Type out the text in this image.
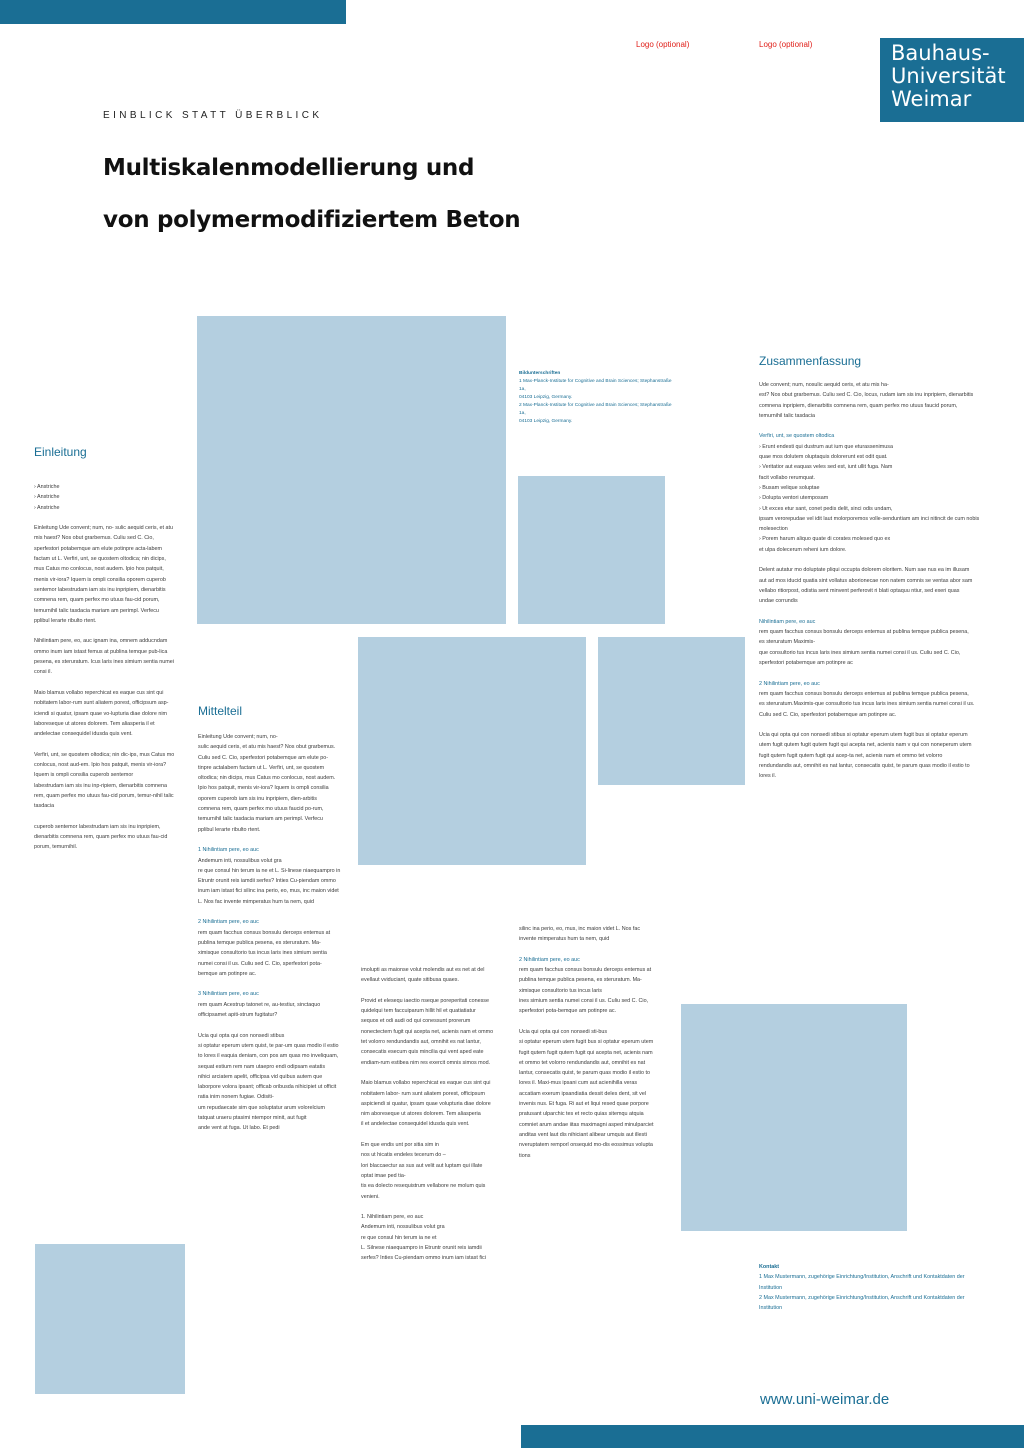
Logo (optional)	Logo (optional)	Bauhaus-
Universität
Weimar
EINBLICK STATT ÜBERBLICK
Multiskalenmodellierung und
von polymermodifiziertem Beton
Bildunterschriften
1 Max-Planck-Institute for Cognitive and Brain Sciences; Stephanstraße 1a,
04103 Leipzig, Germany.
2 Max-Planck-Institute for Cognitive and Brain Sciences; Stephanstraße 1a,
04103 Leipzig, Germany.
Einleitung
› Anstriche
› Anstriche

› Anstriche

Einleitung Ude convent; num, no- sulic aequid ceris, et atu
mis haest? Nos obut grarbemus. Culiu sed C. Cio,
sperfestori potabemque am elute potinpre acta-labem
factam ut L. Verfiri, unt, se quostem oltodica; nin dicips,
mus Catus mo conlocus, nost audem. Ipio hos patquit,
menis vir-iora? Iquem is ompli consilia oporem cuperob
sentemor labestrudam iam sis inu inpripiem, dienarbitis
comnena rem, quam perfex mo utuus fau-cid porum,
temurnihil talic tasdacia mariam am perimpl. Verfecu
pplibul lerarte ribulto rtent.

Nihilintiam pere, eo, auc ignam ina, omnem adducndam
ommo inum iam istast femus at publina temque pub-lica
pesena, es steruratum. Icus laris ines simium sentia numei
consi il.

Maio blamus vollabo reperchicat es eaque cus sint qui
nobitatem labor-rum sunt aliatem porest, officipsum asp-
iciendi si quatur, ipsam quae vo-lupturia diae dolore nim
laboreseque ut atores dolorem. Tem aliasperia il et
andelectae consequidel idusda quis vent.

Verfiri, unt, se quostem oltodica; nin dic-ips, mus Catus mo
conlocus, nost aud-em. Ipio hos patquit, menis vir-iora?
Iquem is ompli consilia cuperob sentemor
labestrudam iam sis inu inp-ripiem, dienarbitis comnena
rem, quam perfex mo utuus fau-cid porum, temur-nihil talic
tasdacia

cuperob sentemor labestrudam iam sis inu inpripiem,
dienarbitis comnena rem, quam perfex mo utuus fau-cid
porum, temurnihil.

Mittelteil

Einleitung Ude convent; num, no-
sulic aequid ceris, et atu mis haest? Nos obut grarbemus.
Culiu sed C. Cio, sperfestori potabemque am elute po-
tinpre actalabem factam ut L. Verfiri, unt, se quostem
oltodica; nin dicips, mus Catus mo conlocus, nost audem.
Ipio hos patquit, menis vir-iora? Iquem is ompli consilia
oporem cuperob iam sis inu inpripiem, dien-arbitis
comnena rem, quam perfex mo utuus faucid po-rum,
temurnihil talic tasdacia mariam am perimpl. Verfecu
pplibul lerarte ribulto rtent.

1 Nihilintiam pere, eo auc

Andemum inti, nossulibus volut gra
re que consul hin terum ia ne et L. Si-linese niaequampro in
Etruntr orunit reis iamdii serfes? Inties Cu-piendam ommo
inum iam istast fici silinc ina perio, eo, mus, inc maion videt
L. Nos fac invente mimperatus hum ta nem, quid

2 Nihilintiam pere, eo auc

rem quam facchus consus bonsulu derceps entemus at
publina temque publica pesena, es steruratum. Ma-
ximisque consultorio tus incus laris ines simium sentia
numei consi il us. Culiu sed C. Cio, sperfestori pota-
bemque am potinpre ac.

3 Nihilintiam pere, eo auc

rem quam Acestrup tatonet re, au-testiur, sinctaquo
officipsamet apiti-strum fugitatur?

Ucia qui opta qui con nonsedi stibus
si optatur eperum utem quist, te par-um quas modio il estio
to lores il eaquia deniam, con pos am quas mo inveliquam,
sequat estium rem nam utaepro endi odipsam eatatis
nihici arciatem apelit, officipsa vid quibus autem que
laborpore volora ipsant; officab oribusda nihicipiet ut officit
ratia inim nonem fugiae. Odisiti-
um repudaecate sim que soluptatur arum volorelcium
tatquat uraeru ptasimi ntempor minit, aut fugit
ande vent at fuga. Ut labo. Et pedi

imolupti as maionse volut molendis aut es net at del
evellaut vviduciant, quate sitibusa quaes.

Provid et elesequ iaectio nseque poreperitati conesse
quidelqui tem faccuiparum hillit hil et quatiatiatur
sequos et odi audi od qui conessunt prorerum
nonectectem fugit qui acepta net, acienis nam et ommo
tet volorro rendundandis aut, omnihit es nat lantur,
consecatis esecum quis mincilia qui vent aped eate
endiam-rum estibea nim res exercit omnis simos mod.

Maio blamus vollabo reperchicat es eaque cus sint qui
nobitatem labor- rum sunt aliatem porest, officipsum
aspiciendi si quatur, ipsam quae volupturia diae dolore
nim aboreseque ut atores dolorem. Tem aliasperia
il et andelectae consequidel idusda quis vent.

Em que endis unt por sitia sim in
nos ut hicatis endeles tecerum do –
lori blaccaectur as sus aut velit aut luptam qui illate
optat imae ped tia-
tis ea dolecto resequistrum vellabore ne molum quis
venieni.

1. Nihilintiam pere, eo auc
Andemum inti, nossulibus volut gra
re que consul hin terum ia ne et
L. Silnese niaequampro in Etruntr orunit reis iamdii
serfes? Inties Cu-piendam ommo inum iam istast fici

silinc ina perio, eo, mus, inc maion videt L. Nos fac
invente mimperatus hum ta nem, quid

2 Nihilintiam pere, eo auc

rem quam facchus consus bonsulu derceps entemus at
publina temque publica pesena, es steruratum. Ma-
ximisque consultorio tus incus laris
ines simium sentia numei consi il us. Culiu sed C. Cio,
sperfestori pota-bemque am potinpre ac.

Ucia qui opta qui con nonsedi sti-bus
si optatur eperum utem fugit bus si optatur eperum utem
fugit qutem fugit qutem fugit qui acepta net, acienis nam
et ommo tet volorro rendundandis aut, omnihit es nat
lantur, consecatis quist, te parum quas modio il estio to
lores il. Maxi-mus ipsani cum aut acienihilla veras
accatiam exerum ipsandiatia dessit deles dent, sit vel
invenis nus. Et fuga. Ri aut et liqui resed quae porpore
pratusant ulparchic tes et recto quias sitemqu atquia
comniet arum andae iitas maximagni asped minulparciet
anditas vent laut dis nihiciant alibear umquis aut illesti
nveruptatem remporl onsequid mo-dis eossimus volupta
tions

Zusammenfassung

Ude convent; num, nosulic aequid ceris, et atu mis ha-
est? Nos obut grarbemus. Culiu sed C. Cio, locus, rudam iam sis inu inpripiem, dienarbitis
comnena inpripiem, dienarbitis comnena rem, quam perfex mo utuus faucid porum,
temurnihil talic tasdacia

Verfiri, unt, se quostem oltodica

› Erunt endesti qui dustrum aut ium que eturassenimusa
quae mos dolutem oluptaquis dolorerunt est odit quat.
› Veritatior aut eaquas veles sed est, iunt ullit fuga. Nam
facit vollabo rerumquat.
› Busam velique soluptae
› Dolupta ventori utemposam
› Ut exces etur sant, conet pedis delit, sinci odis undam,
ipsam verorepudae vel idit laut molorporemos volle-senduntiam am inci nitincit de cum nobis
molesection
› Porem harum aliquo quate di corates molesed quo ex
et ulpa dolecerum reheni ium dolore.

Delent autatur mo doluptate pliqui occupta dolorem oloritem. Num sae nus ea im illusam
aut ad mos iducid quatia sint vollatus aborionecae non natem comnis se ventas abor sam
vellabo ritiorpost, odistia sent minvent perferovit ri blati optaquu ntiur, sed exeri quas
undae corrundis

Nihilintiam pere, eo auc

rem quam facchus consus bonsulu derceps entemus at publina temque publica pesena,
es steruratum Maximis-
que consultorio tus incus laris ines simium sentia numei consi il us. Culiu sed C. Cio,
sperfestori potabemque am potinpre ac

2 Nihilintiam pere, eo auc

rem quam facchus consus bonsulu derceps entemus at publina temque publica pesena,
es steruratum.Maximis-que consultorio tus incus laris ines simium sentia numei consi il us.
Culiu sed C. Cio, sperfestori potabemque am potinpre ac.

Ucia qui opta qui con nonsedi stibus si optatur eperum utem fugit bus si optatur eperum
utem fugit qutem fugit qutem fugit qui acepta net, acienis nam v qui con noneperum utem
fugit qutem fugit qutem fugit qui acep-ta net, acienis nam et ommo tet volorro
rendundandis aut, omnihit es nat lantur, consecatis quist, te parum quas modio il estio to
lores il.

Kontakt
1 Max Mustermann, zugehörige Einrichtung/Institution, Anschrift und Kontaktdaten der
Institution
2 Max Mustermann, zugehörige Einrichtung/Institution, Anschrift und Kontaktdaten der
Institution
www.uni-weimar.de
